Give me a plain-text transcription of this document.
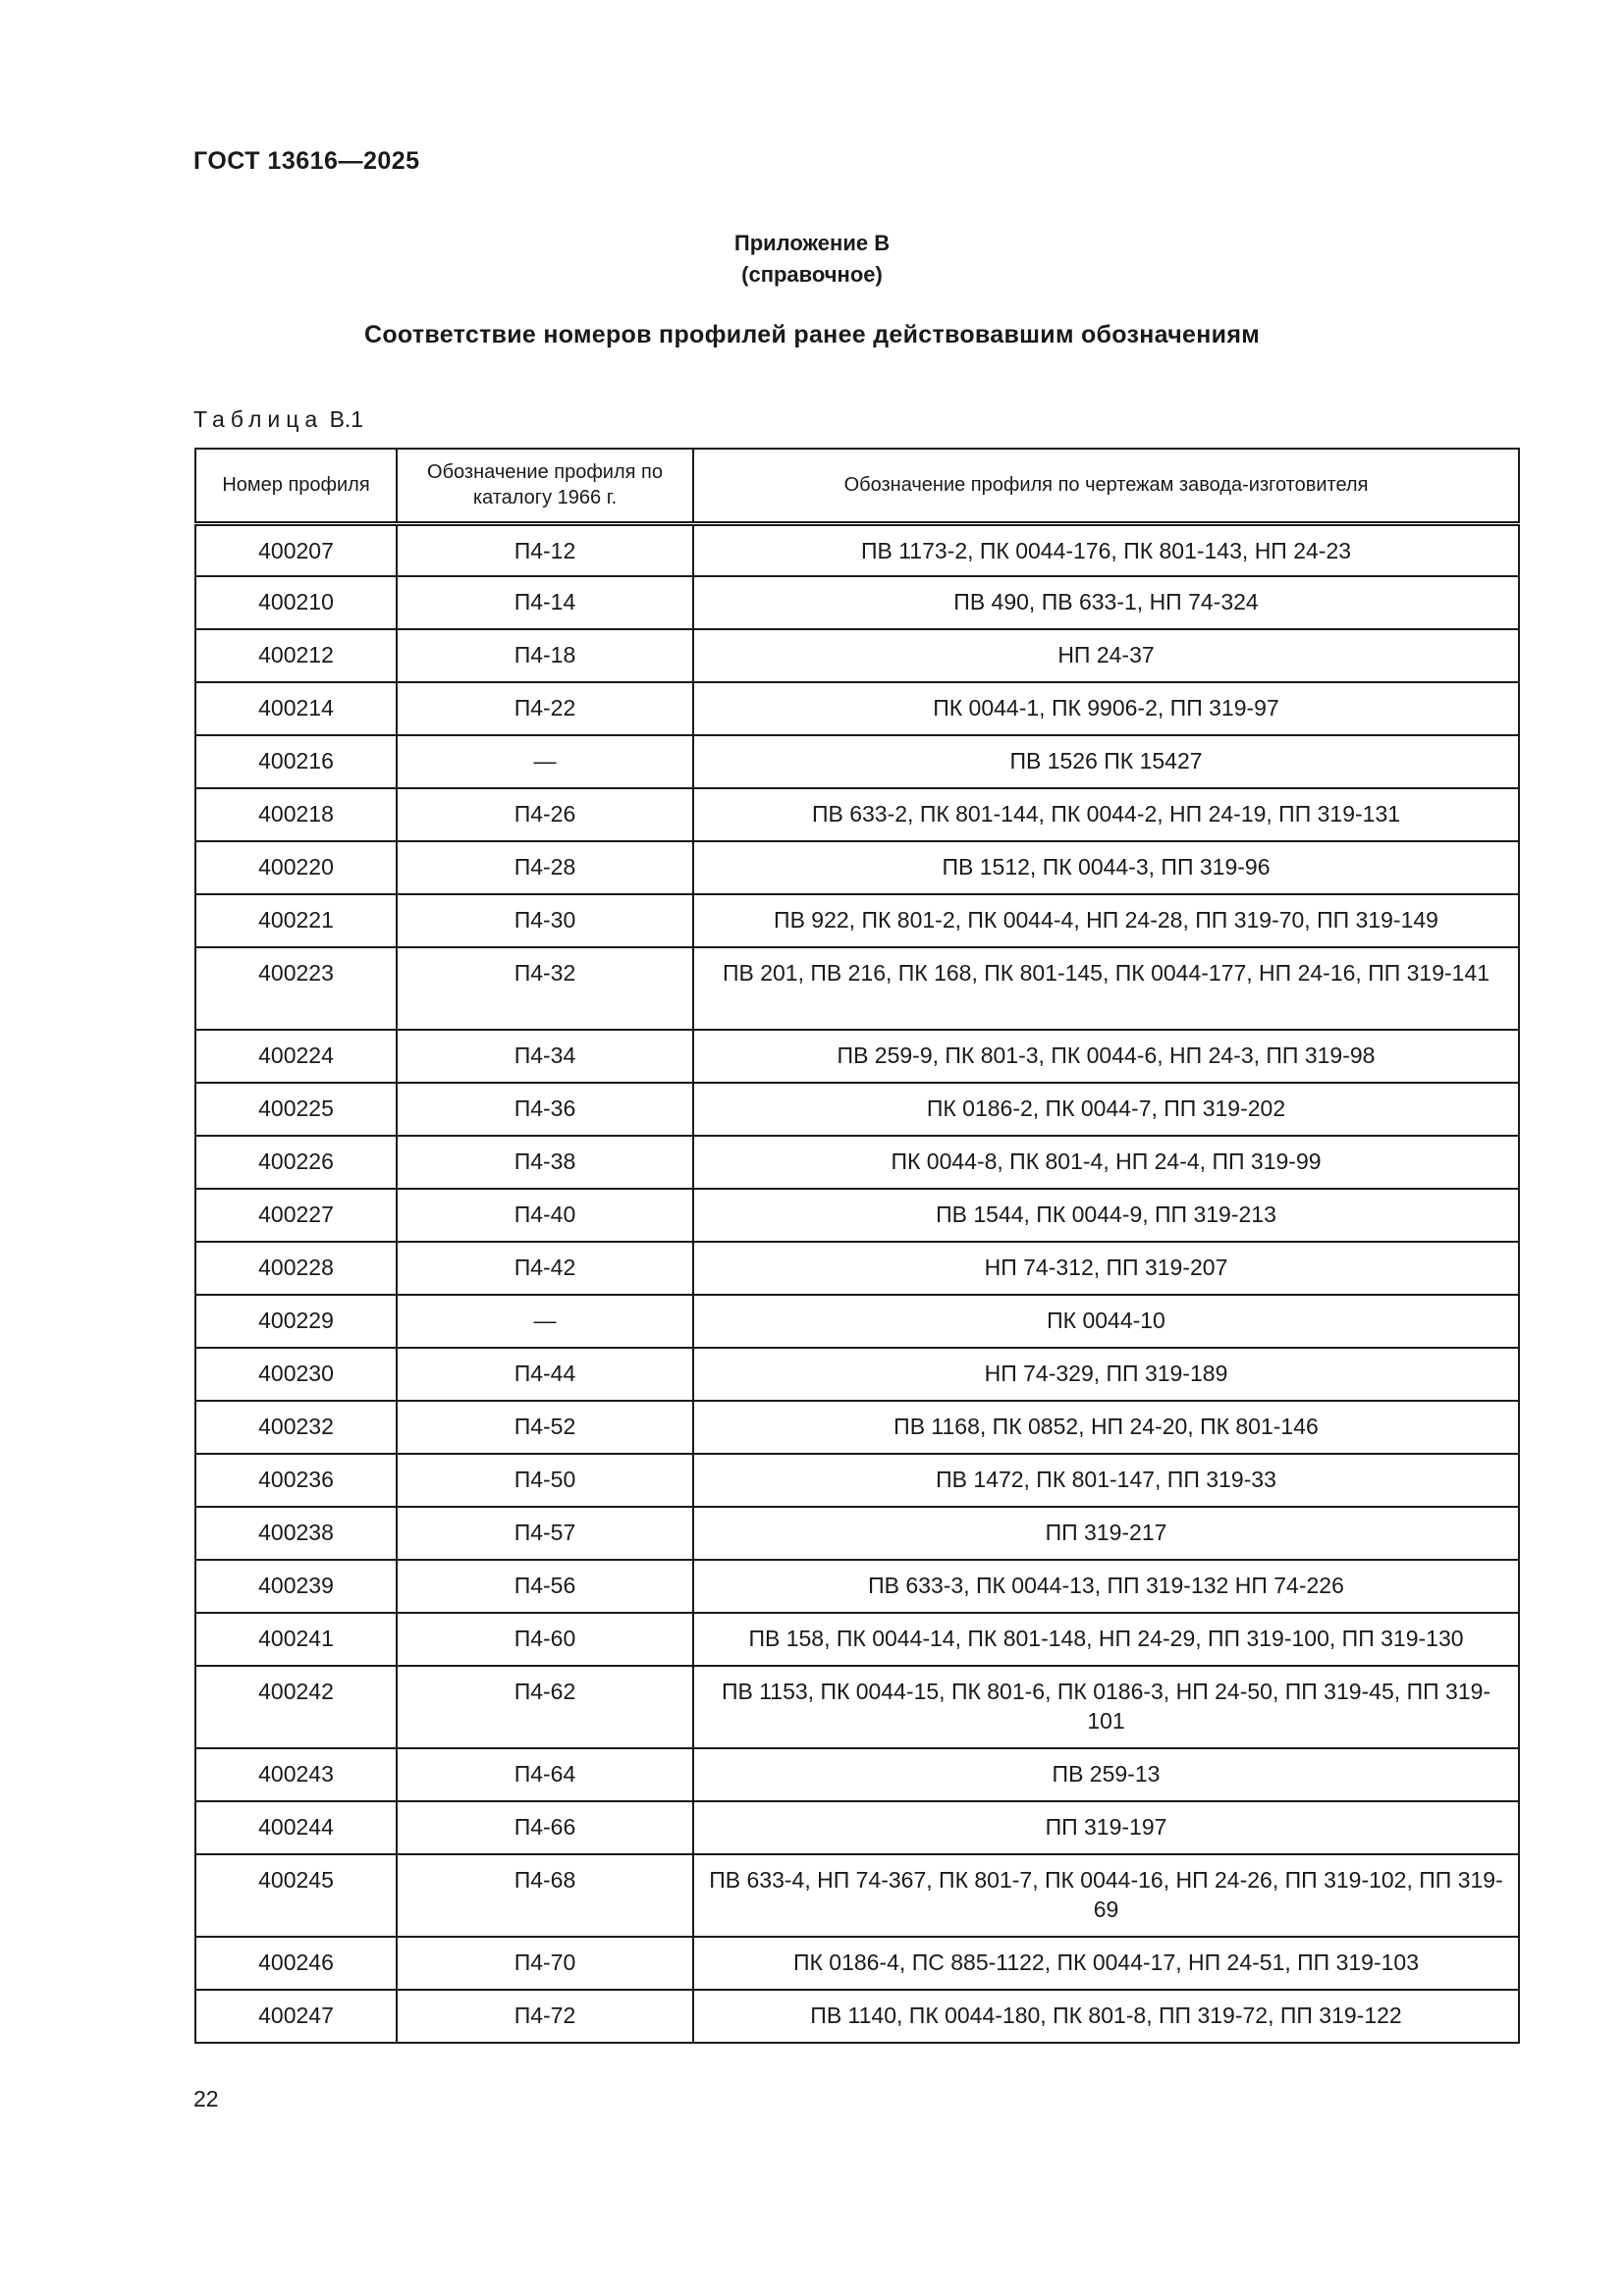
ГОСТ 13616—2025
Приложение В
(справочное)
Соответствие номеров профилей ранее действовавшим обозначениям
Таблица В.1
Номер профиля	Обозначение профиля по каталогу 1966 г.	Обозначение профиля по чертежам завода-изготовителя
400207	П4-12	ПВ 1173-2, ПК 0044-176, ПК 801-143, НП 24-23
400210	П4-14	ПВ 490, ПВ 633-1, НП 74-324
400212	П4-18	НП 24-37
400214	П4-22	ПК 0044-1, ПК 9906-2, ПП 319-97
400216	—	ПВ 1526 ПК 15427
400218	П4-26	ПВ 633-2, ПК 801-144, ПК 0044-2, НП 24-19, ПП 319-131
400220	П4-28	ПВ 1512, ПК 0044-3, ПП 319-96
400221	П4-30	ПВ 922, ПК 801-2, ПК 0044-4, НП 24-28, ПП 319-70, ПП 319-149
400223	П4-32	ПВ 201, ПВ 216, ПК 168, ПК 801-145, ПК 0044-177, НП 24-16, ПП 319-141
400224	П4-34	ПВ 259-9, ПК 801-3, ПК 0044-6, НП 24-3, ПП 319-98
400225	П4-36	ПК 0186-2, ПК 0044-7, ПП 319-202
400226	П4-38	ПК 0044-8, ПК 801-4, НП 24-4, ПП 319-99
400227	П4-40	ПВ 1544, ПК 0044-9, ПП 319-213
400228	П4-42	НП 74-312, ПП 319-207
400229	—	ПК 0044-10
400230	П4-44	НП 74-329, ПП 319-189
400232	П4-52	ПВ 1168, ПК 0852, НП 24-20, ПК 801-146
400236	П4-50	ПВ 1472, ПК 801-147, ПП 319-33
400238	П4-57	ПП 319-217
400239	П4-56	ПВ 633-3, ПК 0044-13, ПП 319-132 НП 74-226
400241	П4-60	ПВ 158, ПК 0044-14, ПК 801-148, НП 24-29, ПП 319-100, ПП 319-130
400242	П4-62	ПВ 1153, ПК 0044-15, ПК 801-6, ПК 0186-3, НП 24-50, ПП 319-45, ПП 319-101
400243	П4-64	ПВ 259-13
400244	П4-66	ПП 319-197
400245	П4-68	ПВ 633-4, НП 74-367, ПК 801-7, ПК 0044-16, НП 24-26, ПП 319-102, ПП 319-69
400246	П4-70	ПК 0186-4, ПС 885-1122, ПК 0044-17, НП 24-51, ПП 319-103
400247	П4-72	ПВ 1140, ПК 0044-180, ПК 801-8, ПП 319-72, ПП 319-122
22
